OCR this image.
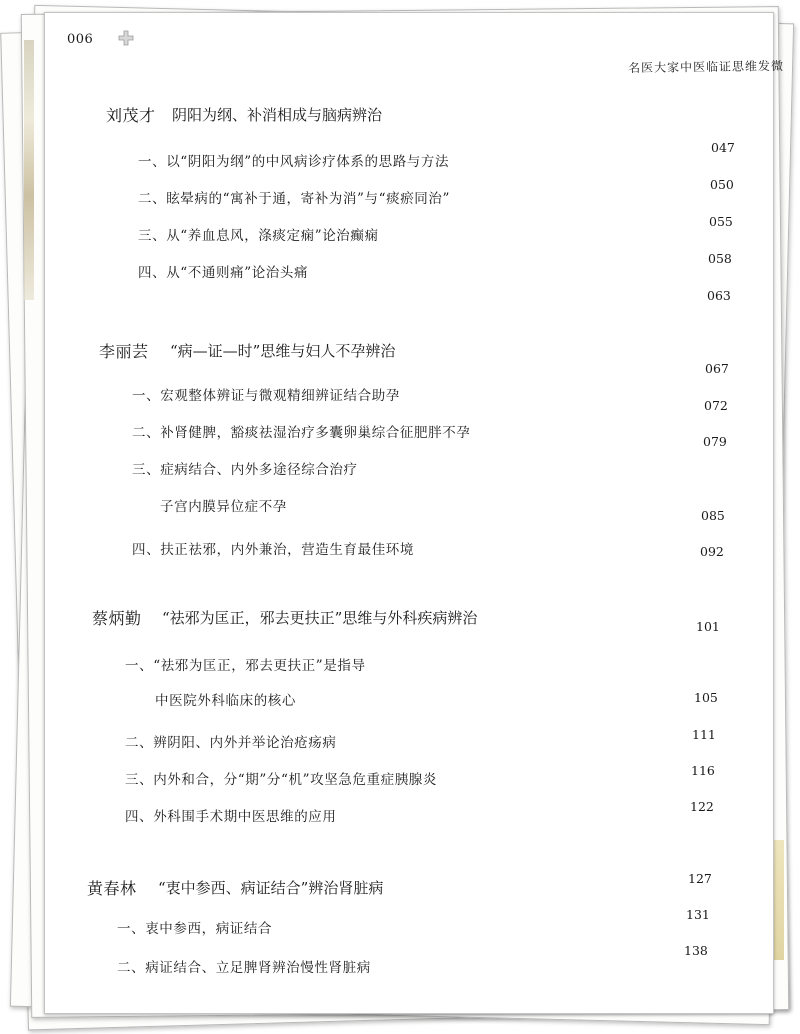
006
名医大家中医临证思维发微
刘茂才 阴阳为纲、补消相成与脑病辨治
一、以“阴阳为纲”的中风病诊疗体系的思路与方法
二、眩晕病的“寓补于通，寄补为消”与“痰瘀同治”
三、从“养血息风，涤痰定痫”论治癫痫
四、从“不通则痛”论治头痛
047
050
055
058
063
李丽芸 “病—证—时”思维与妇人不孕辨治
一、宏观整体辨证与微观精细辨证结合助孕
二、补肾健脾，豁痰祛湿治疗多囊卵巢综合征肥胖不孕
三、症病结合、内外多途径综合治疗
子宫内膜异位症不孕
四、扶正祛邪，内外兼治，营造生育最佳环境
067
072
079
085
092
蔡炳勤 “祛邪为匡正，邪去更扶正”思维与外科疾病辨治	101
一、“祛邪为匡正，邪去更扶正”是指导
中医院外科临床的核心
二、辨阴阳、内外并举论治疮疡病
三、内外和合，分“期”分“机”攻坚急危重症胰腺炎
四、外科围手术期中医思维的应用
105
111
116
122
黄春林 “衷中参西、病证结合”辨治肾脏病
127
一、衷中参西，病证结合
二、病证结合、立足脾肾辨治慢性肾脏病
131
138
